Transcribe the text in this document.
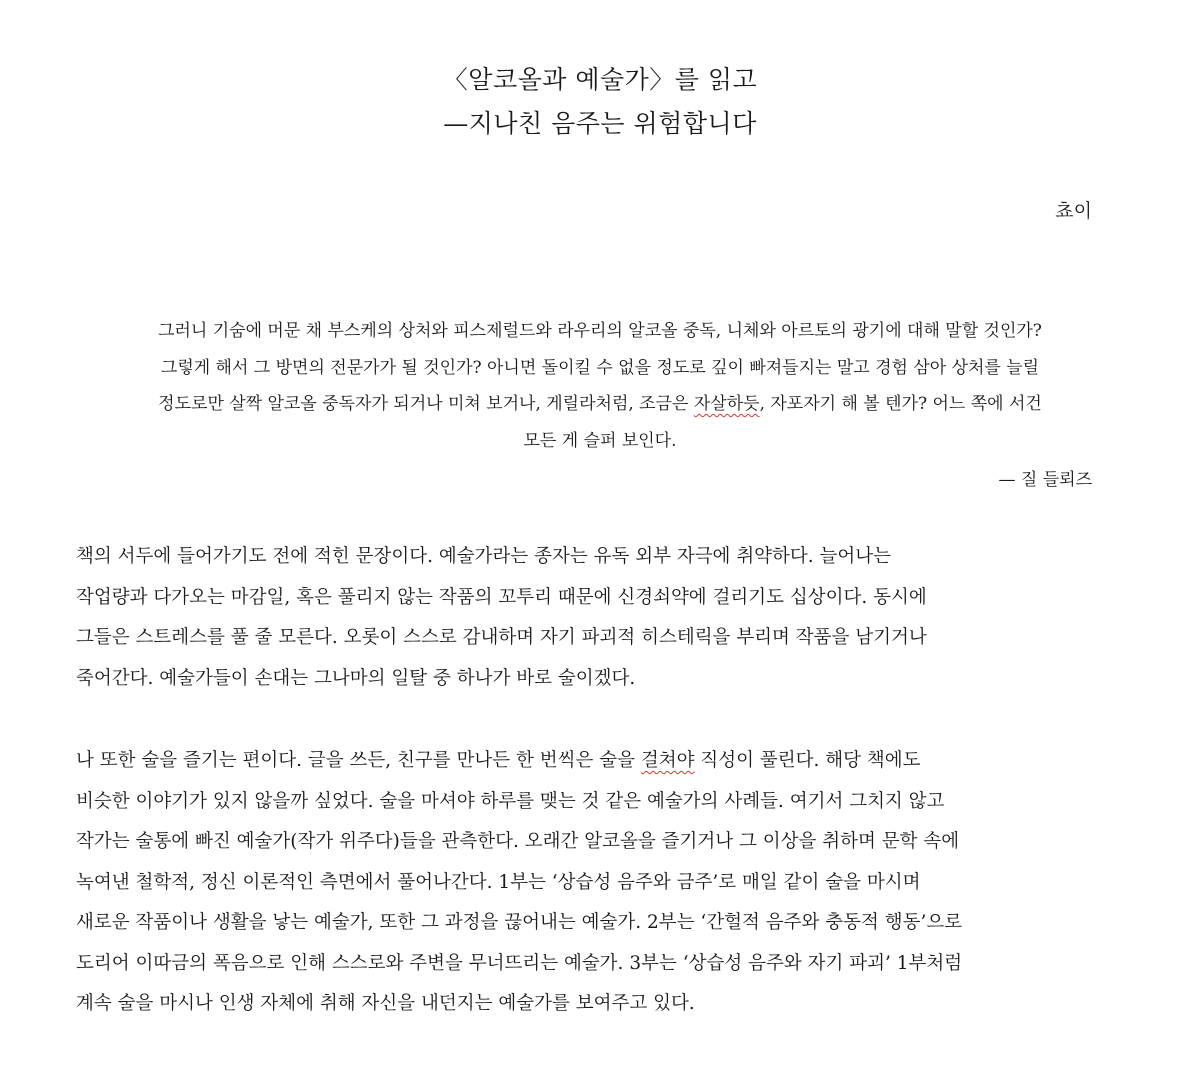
〈알코올과 예술가〉를 읽고
—지나친 음주는 위험합니다
쵸이
그러니 기숨에 머문 채 부스케의 상처와 피스제럴드와 라우리의 알코올 중독, 니체와 아르토의 광기에 대해 말할 것인가?
그렇게 해서 그 방면의 전문가가 될 것인가? 아니면 돌이킬 수 없을 정도로 깊이 빠져들지는 말고 경험 삼아 상처를 늘릴
정도로만 살짝 알코올 중독자가 되거나 미쳐 보거나, 게릴라처럼, 조금은 자살하듯, 자포자기 해 볼 텐가? 어느 쪽에 서건
모든 게 슬퍼 보인다.
— 질 들뢰즈
책의 서두에 들어가기도 전에 적힌 문장이다. 예술가라는 종자는 유독 외부 자극에 취약하다. 늘어나는
작업량과 다가오는 마감일, 혹은 풀리지 않는 작품의 꼬투리 때문에 신경쇠약에 걸리기도 십상이다. 동시에
그들은 스트레스를 풀 줄 모른다. 오롯이 스스로 감내하며 자기 파괴적 히스테릭을 부리며 작품을 남기거나
죽어간다. 예술가들이 손대는 그나마의 일탈 중 하나가 바로 술이겠다.
나 또한 술을 즐기는 편이다. 글을 쓰든, 친구를 만나든 한 번씩은 술을 걸쳐야 직성이 풀린다. 해당 책에도
비슷한 이야기가 있지 않을까 싶었다. 술을 마셔야 하루를 맺는 것 같은 예술가의 사례들. 여기서 그치지 않고
작가는 술통에 빠진 예술가(작가 위주다)들을 관측한다. 오래간 알코올을 즐기거나 그 이상을 취하며 문학 속에
녹여낸 철학적, 정신 이론적인 측면에서 풀어나간다. 1부는 ‘상습성 음주와 금주’로 매일 같이 술을 마시며
새로운 작품이나 생활을 낳는 예술가, 또한 그 과정을 끊어내는 예술가. 2부는 ‘간헐적 음주와 충동적 행동’으로
도리어 이따금의 폭음으로 인해 스스로와 주변을 무너뜨리는 예술가. 3부는 ‘상습성 음주와 자기 파괴’ 1부처럼
계속 술을 마시나 인생 자체에 취해 자신을 내던지는 예술가를 보여주고 있다.
